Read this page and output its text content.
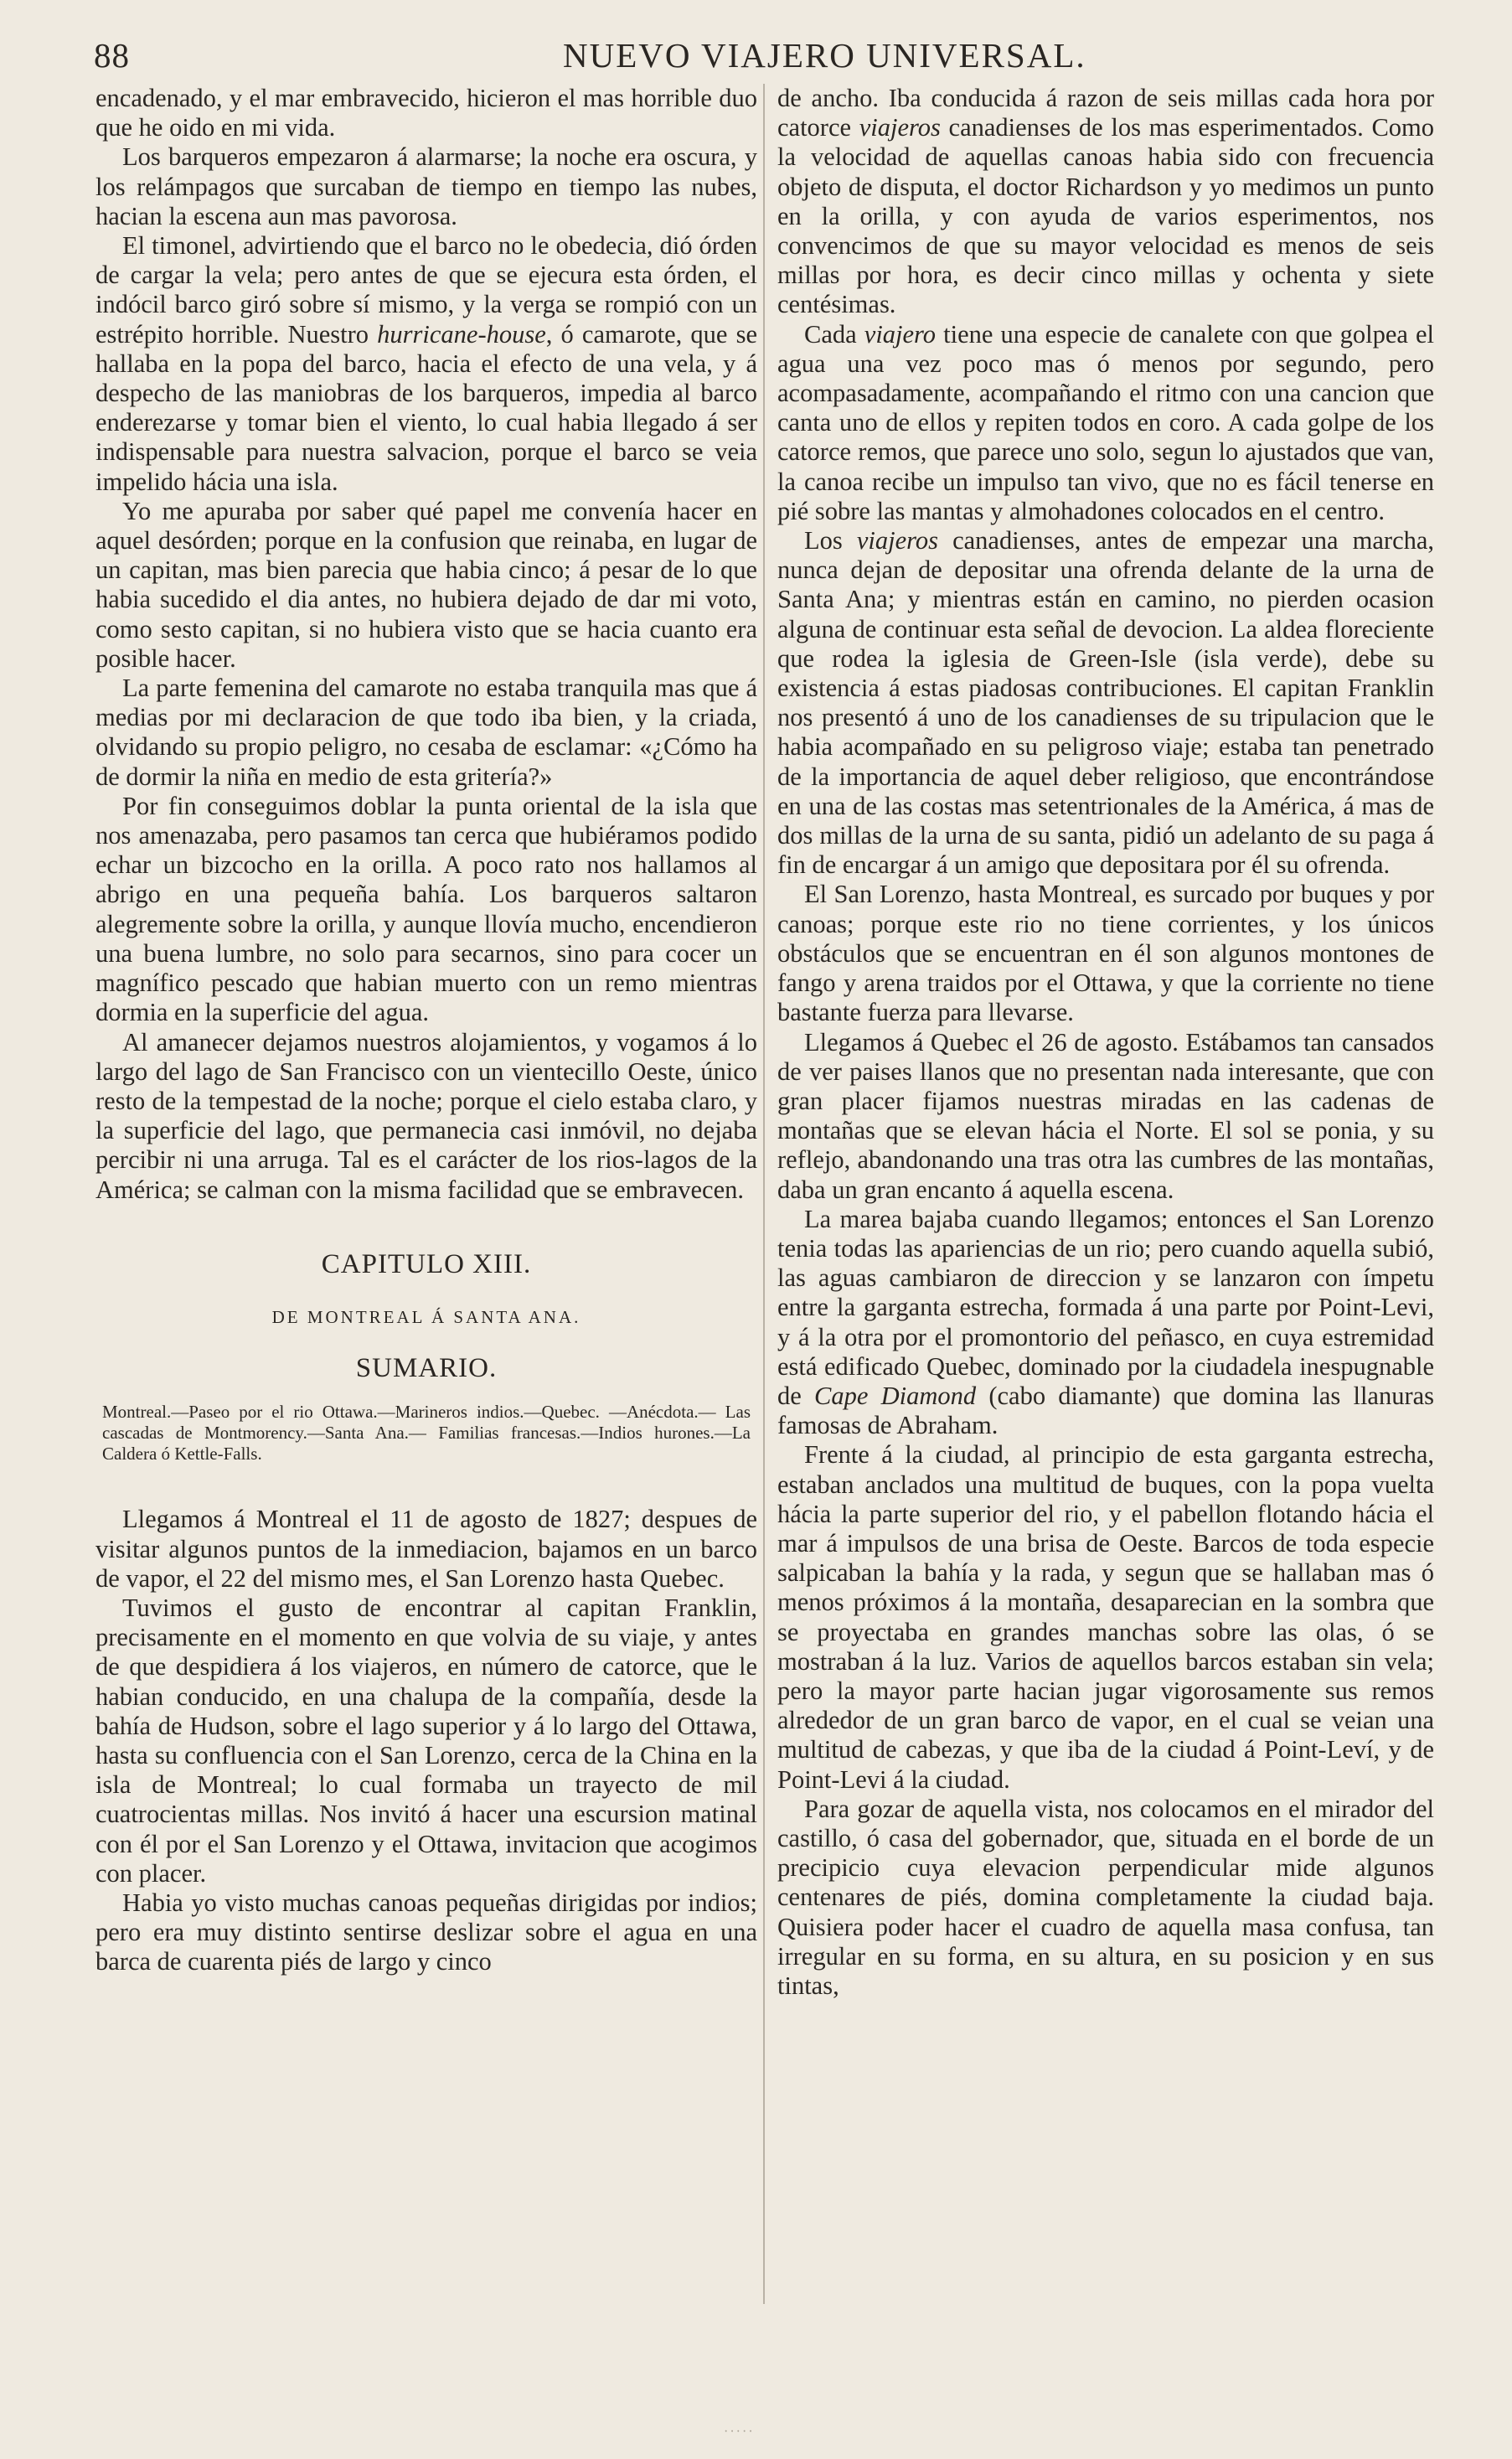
88	NUEVO VIAJERO UNIVERSAL.

encadenado, y el mar embravecido, hicieron el mas horrible duo que he oido en mi vida.

Los barqueros empezaron á alarmarse; la noche era oscura, y los relámpagos que surcaban de tiempo en tiempo las nubes, hacian la escena aun mas pavorosa.

El timonel, advirtiendo que el barco no le obedecia, dió órden de cargar la vela; pero antes de que se ejecura esta órden, el indócil barco giró sobre sí mismo, y la verga se rompió con un estrépito horrible. Nuestro hurricane-house, ó camarote, que se hallaba en la popa del barco, hacia el efecto de una vela, y á despecho de las maniobras de los barqueros, impedia al barco enderezarse y tomar bien el viento, lo cual habia llegado á ser indispensable para nuestra salvacion, porque el barco se veia impelido hácia una isla.

Yo me apuraba por saber qué papel me convenía hacer en aquel desórden; porque en la confusion que reinaba, en lugar de un capitan, mas bien parecia que habia cinco; á pesar de lo que habia sucedido el dia antes, no hubiera dejado de dar mi voto, como sesto capitan, si no hubiera visto que se hacia cuanto era posible hacer.

La parte femenina del camarote no estaba tranquila mas que á medias por mi declaracion de que todo iba bien, y la criada, olvidando su propio peligro, no cesaba de esclamar: «¿Cómo ha de dormir la niña en medio de esta gritería?»

Por fin conseguimos doblar la punta oriental de la isla que nos amenazaba, pero pasamos tan cerca que hubiéramos podido echar un bizcocho en la orilla. A poco rato nos hallamos al abrigo en una pequeña bahía. Los barqueros saltaron alegremente sobre la orilla, y aunque llovía mucho, encendieron una buena lumbre, no solo para secarnos, sino para cocer un magnífico pescado que habian muerto con un remo mientras dormia en la superficie del agua.

Al amanecer dejamos nuestros alojamientos, y vogamos á lo largo del lago de San Francisco con un vientecillo Oeste, único resto de la tempestad de la noche; porque el cielo estaba claro, y la superficie del lago, que permanecia casi inmóvil, no dejaba percibir ni una arruga. Tal es el carácter de los rios-lagos de la América; se calman con la misma facilidad que se embravecen.

CAPITULO XIII.
DE MONTREAL Á SANTA ANA.
SUMARIO.
Montreal.—Paseo por el rio Ottawa.—Marineros indios.—Quebec. —Anécdota.— Las cascadas de Montmorency.—Santa Ana.— Familias francesas.—Indios hurones.—La Caldera ó Kettle-Falls.

Llegamos á Montreal el 11 de agosto de 1827; despues de visitar algunos puntos de la inmediacion, bajamos en un barco de vapor, el 22 del mismo mes, el San Lorenzo hasta Quebec.

Tuvimos el gusto de encontrar al capitan Franklin, precisamente en el momento en que volvia de su viaje, y antes de que despidiera á los viajeros, en número de catorce, que le habian conducido, en una chalupa de la compañía, desde la bahía de Hudson, sobre el lago superior y á lo largo del Ottawa, hasta su confluencia con el San Lorenzo, cerca de la China en la isla de Montreal; lo cual formaba un trayecto de mil cuatrocientas millas. Nos invitó á hacer una escursion matinal con él por el San Lorenzo y el Ottawa, invitacion que acogimos con placer.

Habia yo visto muchas canoas pequeñas dirigidas por indios; pero era muy distinto sentirse deslizar sobre el agua en una barca de cuarenta piés de largo y cinco

de ancho. Iba conducida á razon de seis millas cada hora por catorce viajeros canadienses de los mas esperimentados. Como la velocidad de aquellas canoas habia sido con frecuencia objeto de disputa, el doctor Richardson y yo medimos un punto en la orilla, y con ayuda de varios esperimentos, nos convencimos de que su mayor velocidad es menos de seis millas por hora, es decir cinco millas y ochenta y siete centésimas.

Cada viajero tiene una especie de canalete con que golpea el agua una vez poco mas ó menos por segundo, pero acompasadamente, acompañando el ritmo con una cancion que canta uno de ellos y repiten todos en coro. A cada golpe de los catorce remos, que parece uno solo, segun lo ajustados que van, la canoa recibe un impulso tan vivo, que no es fácil tenerse en pié sobre las mantas y almohadones colocados en el centro.

Los viajeros canadienses, antes de empezar una marcha, nunca dejan de depositar una ofrenda delante de la urna de Santa Ana; y mientras están en camino, no pierden ocasion alguna de continuar esta señal de devocion. La aldea floreciente que rodea la iglesia de Green-Isle (isla verde), debe su existencia á estas piadosas contribuciones. El capitan Franklin nos presentó á uno de los canadienses de su tripulacion que le habia acompañado en su peligroso viaje; estaba tan penetrado de la importancia de aquel deber religioso, que encontrándose en una de las costas mas setentrionales de la América, á mas de dos millas de la urna de su santa, pidió un adelanto de su paga á fin de encargar á un amigo que depositara por él su ofrenda.

El San Lorenzo, hasta Montreal, es surcado por buques y por canoas; porque este rio no tiene corrientes, y los únicos obstáculos que se encuentran en él son algunos montones de fango y arena traidos por el Ottawa, y que la corriente no tiene bastante fuerza para llevarse.

Llegamos á Quebec el 26 de agosto. Estábamos tan cansados de ver paises llanos que no presentan nada interesante, que con gran placer fijamos nuestras miradas en las cadenas de montañas que se elevan hácia el Norte. El sol se ponia, y su reflejo, abandonando una tras otra las cumbres de las montañas, daba un gran encanto á aquella escena.

La marea bajaba cuando llegamos; entonces el San Lorenzo tenia todas las apariencias de un rio; pero cuando aquella subió, las aguas cambiaron de direccion y se lanzaron con ímpetu entre la garganta estrecha, formada á una parte por Point-Levi, y á la otra por el promontorio del peñasco, en cuya estremidad está edificado Quebec, dominado por la ciudadela inespugnable de Cape Diamond (cabo diamante) que domina las llanuras famosas de Abraham.

Frente á la ciudad, al principio de esta garganta estrecha, estaban anclados una multitud de buques, con la popa vuelta hácia la parte superior del rio, y el pabellon flotando hácia el mar á impulsos de una brisa de Oeste. Barcos de toda especie salpicaban la bahía y la rada, y segun que se hallaban mas ó menos próximos á la montaña, desaparecian en la sombra que se proyectaba en grandes manchas sobre las olas, ó se mostraban á la luz. Varios de aquellos barcos estaban sin vela; pero la mayor parte hacian jugar vigorosamente sus remos alrededor de un gran barco de vapor, en el cual se veian una multitud de cabezas, y que iba de la ciudad á Point-Leví, y de Point-Levi á la ciudad.

Para gozar de aquella vista, nos colocamos en el mirador del castillo, ó casa del gobernador, que, situada en el borde de un precipicio cuya elevacion perpendicular mide algunos centenares de piés, domina completamente la ciudad baja. Quisiera poder hacer el cuadro de aquella masa confusa, tan irregular en su forma, en su altura, en su posicion y en sus tintas,

·····
